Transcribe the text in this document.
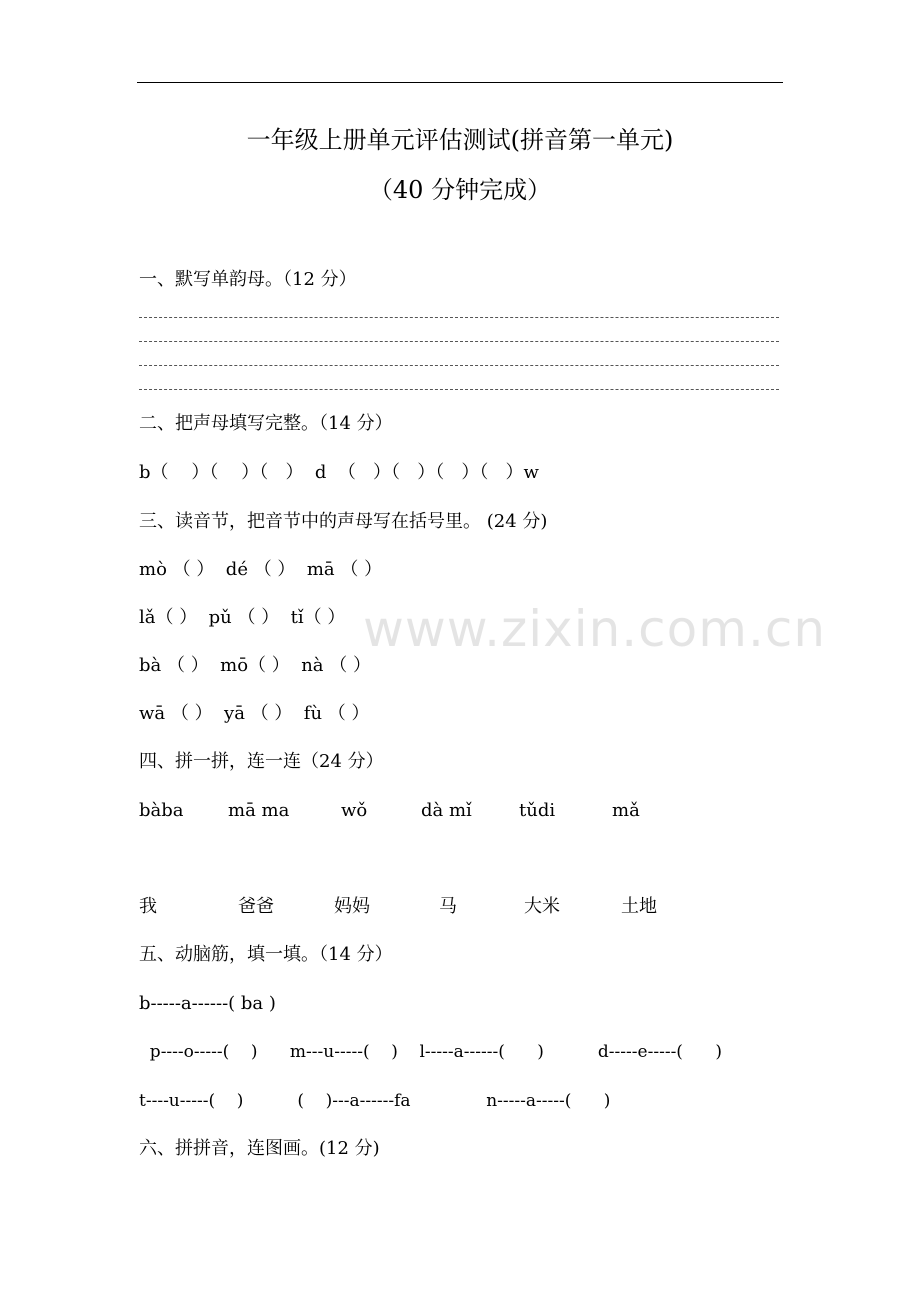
一年级上册单元评估测试(拼音第一单元)
（40 分钟完成）
www.zixin.com.cn
一、默写单韵母。（12 分）
二、把声母填写完整。（14 分）
b（    ）（    ）（   ）  d  （   ）（   ）（   ）（   ）w
三、读音节，把音节中的声母写在括号里。 (24 分)
mò （ ）  dé （ ）  mā （ ）
lǎ（ ）  pǔ （ ）  tǐ（ ）
bà （ ）  mō（ ）  nà （ ）
wā （ ）  yā （ ）  fù （ ）
四、拼一拼，连一连（24 分）
bàba mā ma	wǒ	dà mǐ	tǔdi	mǎ
我	爸爸	妈妈	马	大米	土地
五、动脑筋，填一填。（14 分）
b-----a------( ba )
p----o-----(    )      m---u-----(    )    l-----a------(      )          d-----e-----(      )
t----u-----(    )          (    )---a------fa              n-----a-----(      )
六、拼拼音，连图画。(12 分)
